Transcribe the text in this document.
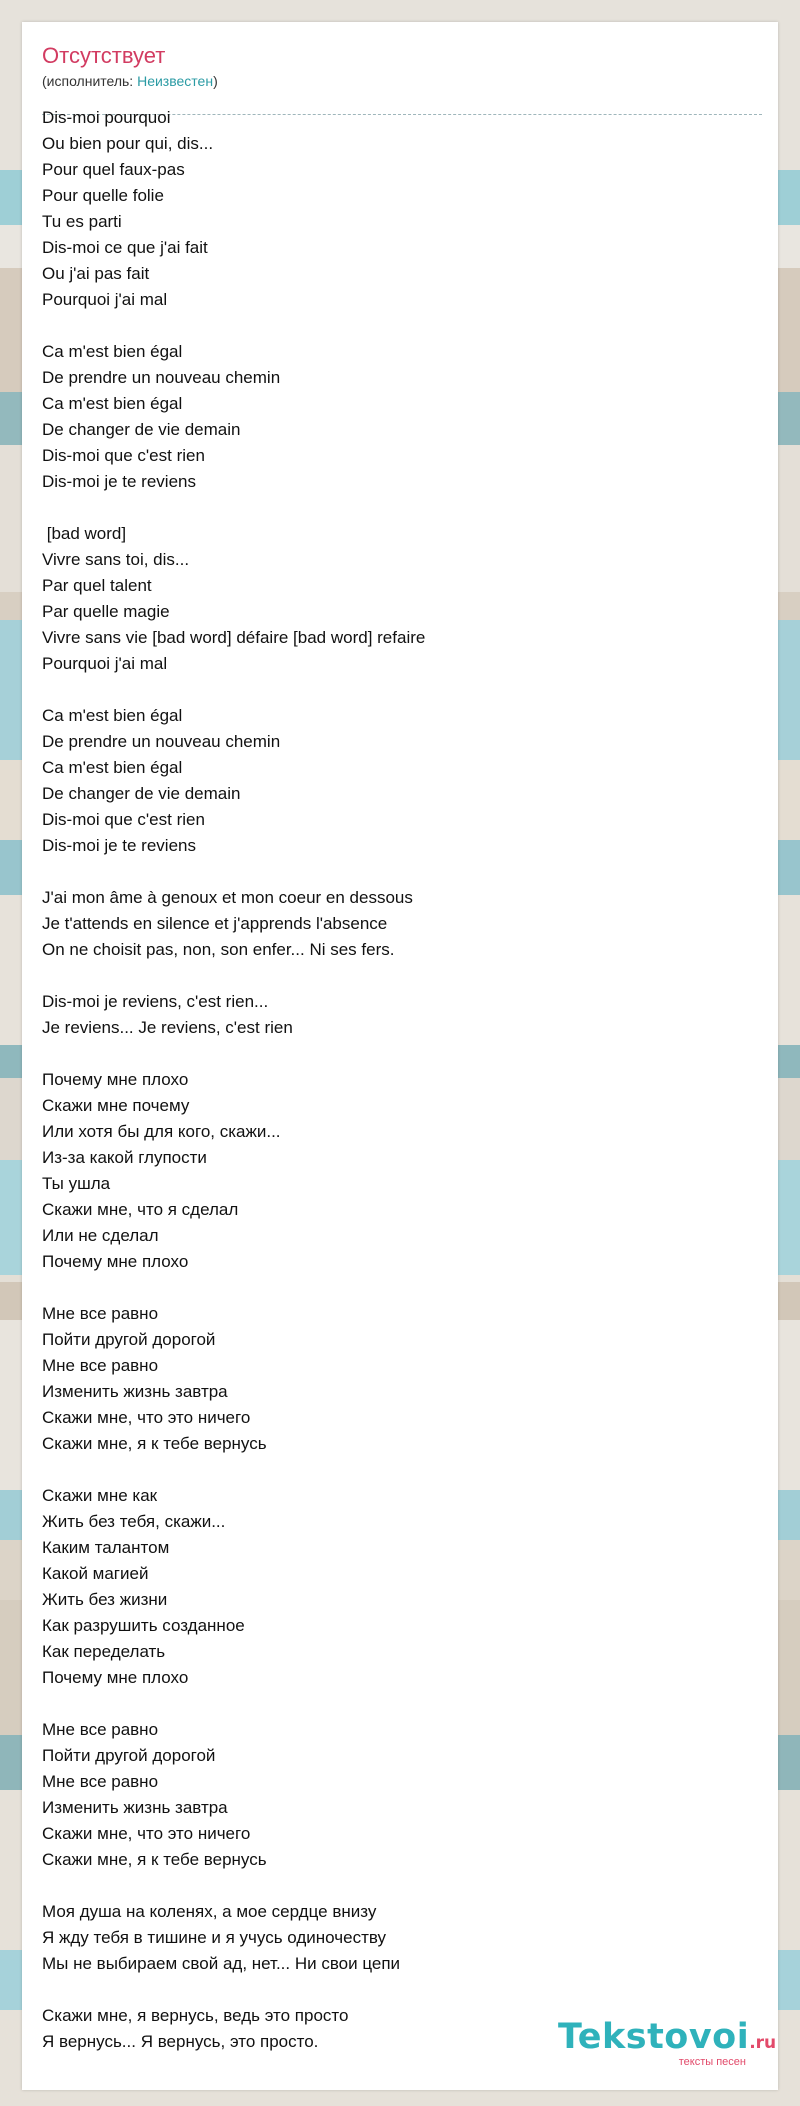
Отсутствует
(исполнитель: Неизвестен)
Dis-moi pourquoi
Ou bien pour qui, dis...
Pour quel faux-pas
Pour quelle folie
Tu es parti
Dis-moi ce que j'ai fait
Ou j'ai pas fait
Pourquoi j'ai mal
Ca m'est bien égal
De prendre un nouveau chemin
Ca m'est bien égal
De changer de vie demain
Dis-moi que c'est rien
Dis-moi je te reviens
[bad word]
Vivre sans toi, dis...
Par quel talent
Par quelle magie
Vivre sans vie [bad word] défaire [bad word] refaire
Pourquoi j'ai mal
Ca m'est bien égal
De prendre un nouveau chemin
Ca m'est bien égal
De changer de vie demain
Dis-moi que c'est rien
Dis-moi je te reviens
J'ai mon âme à genoux et mon coeur en dessous
Je t'attends en silence et j'apprends l'absence
On ne choisit pas, non, son enfer... Ni ses fers.
Dis-moi je reviens, c'est rien...
Je reviens... Je reviens, c'est rien
Почему мне плохо
Скажи мне почему
Или хотя бы для кого, скажи...
Из-за какой глупости
Ты ушла
Скажи мне, что я сделал
Или не сделал
Почему мне плохо
Мне все равно
Пойти другой дорогой
Мне все равно
Изменить жизнь завтра
Скажи мне, что это ничего
Скажи мне, я к тебе вернусь
Скажи мне как
Жить без тебя, скажи...
Каким талантом
Какой магией
Жить без жизни
Как разрушить созданное
Как переделать
Почему мне плохо
Мне все равно
Пойти другой дорогой
Мне все равно
Изменить жизнь завтра
Скажи мне, что это ничего
Скажи мне, я к тебе вернусь
Моя душа на коленях, а мое сердце внизу
Я жду тебя в тишине и я учусь одиночеству
Мы не выбираем свой ад, нет... Ни свои цепи
Скажи мне, я вернусь, ведь это просто
Я вернусь... Я вернусь, это просто.	Tekstovoi.ru
тексты песен
